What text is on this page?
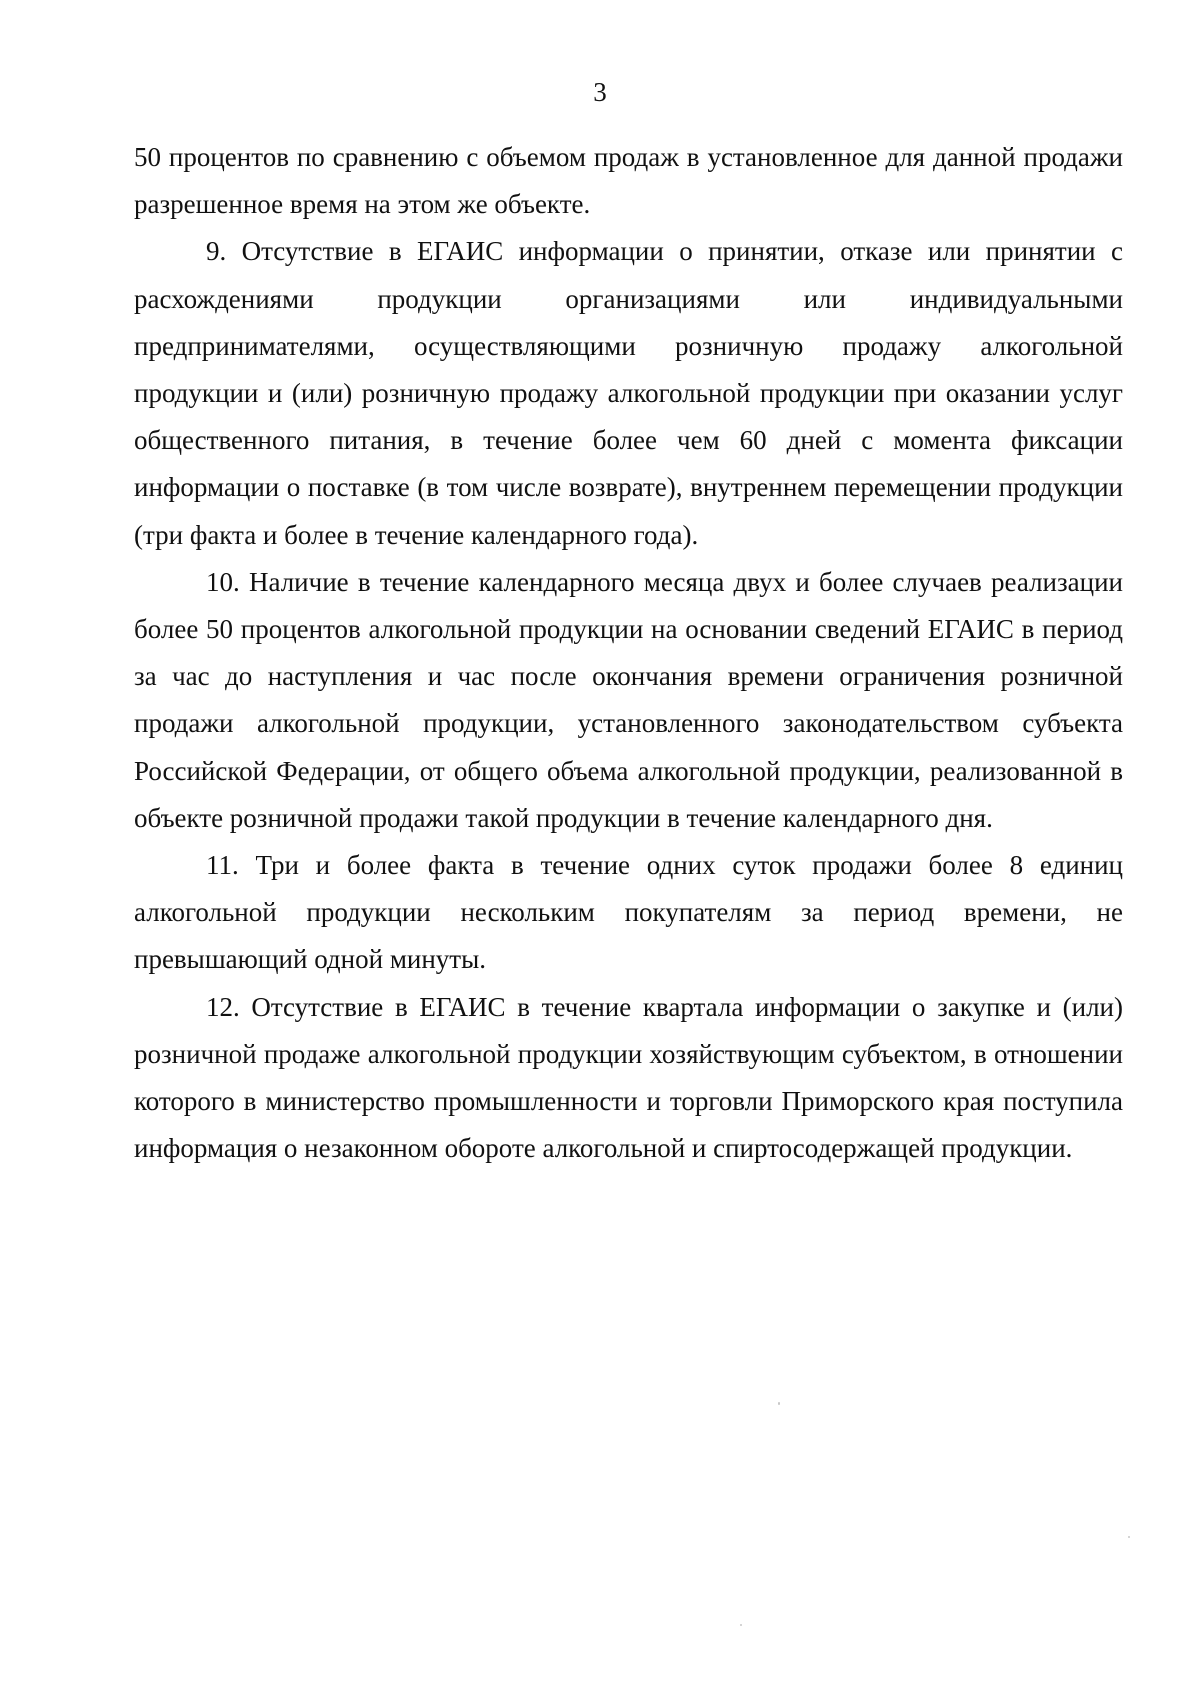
3

50 процентов по сравнению с объемом продаж в установленное для данной продажи разрешенное время на этом же объекте.

9. Отсутствие в ЕГАИС информации о принятии, отказе или принятии с расхождениями продукции организациями или индивидуальными предпринимателями, осуществляющими розничную продажу алкогольной продукции и (или) розничную продажу алкогольной продукции при оказании услуг общественного питания, в течение более чем 60 дней с момента фиксации информации о поставке (в том числе возврате), внутреннем перемещении продукции (три факта и более в течение календарного года).

10. Наличие в течение календарного месяца двух и более случаев реализации более 50 процентов алкогольной продукции на основании сведений ЕГАИС в период за час до наступления и час после окончания времени ограничения розничной продажи алкогольной продукции, установленного законодательством субъекта Российской Федерации, от общего объема алкогольной продукции, реализованной в объекте розничной продажи такой продукции в течение календарного дня.

11. Три и более факта в течение одних суток продажи более 8 единиц алкогольной продукции нескольким покупателям за период времени, не превышающий одной минуты.

12. Отсутствие в ЕГАИС в течение квартала информации о закупке и (или) розничной продаже алкогольной продукции хозяйствующим субъектом, в отношении которого в министерство промышленности и торговли Приморского края поступила информация о незаконном обороте алкогольной и спиртосодержащей продукции.
